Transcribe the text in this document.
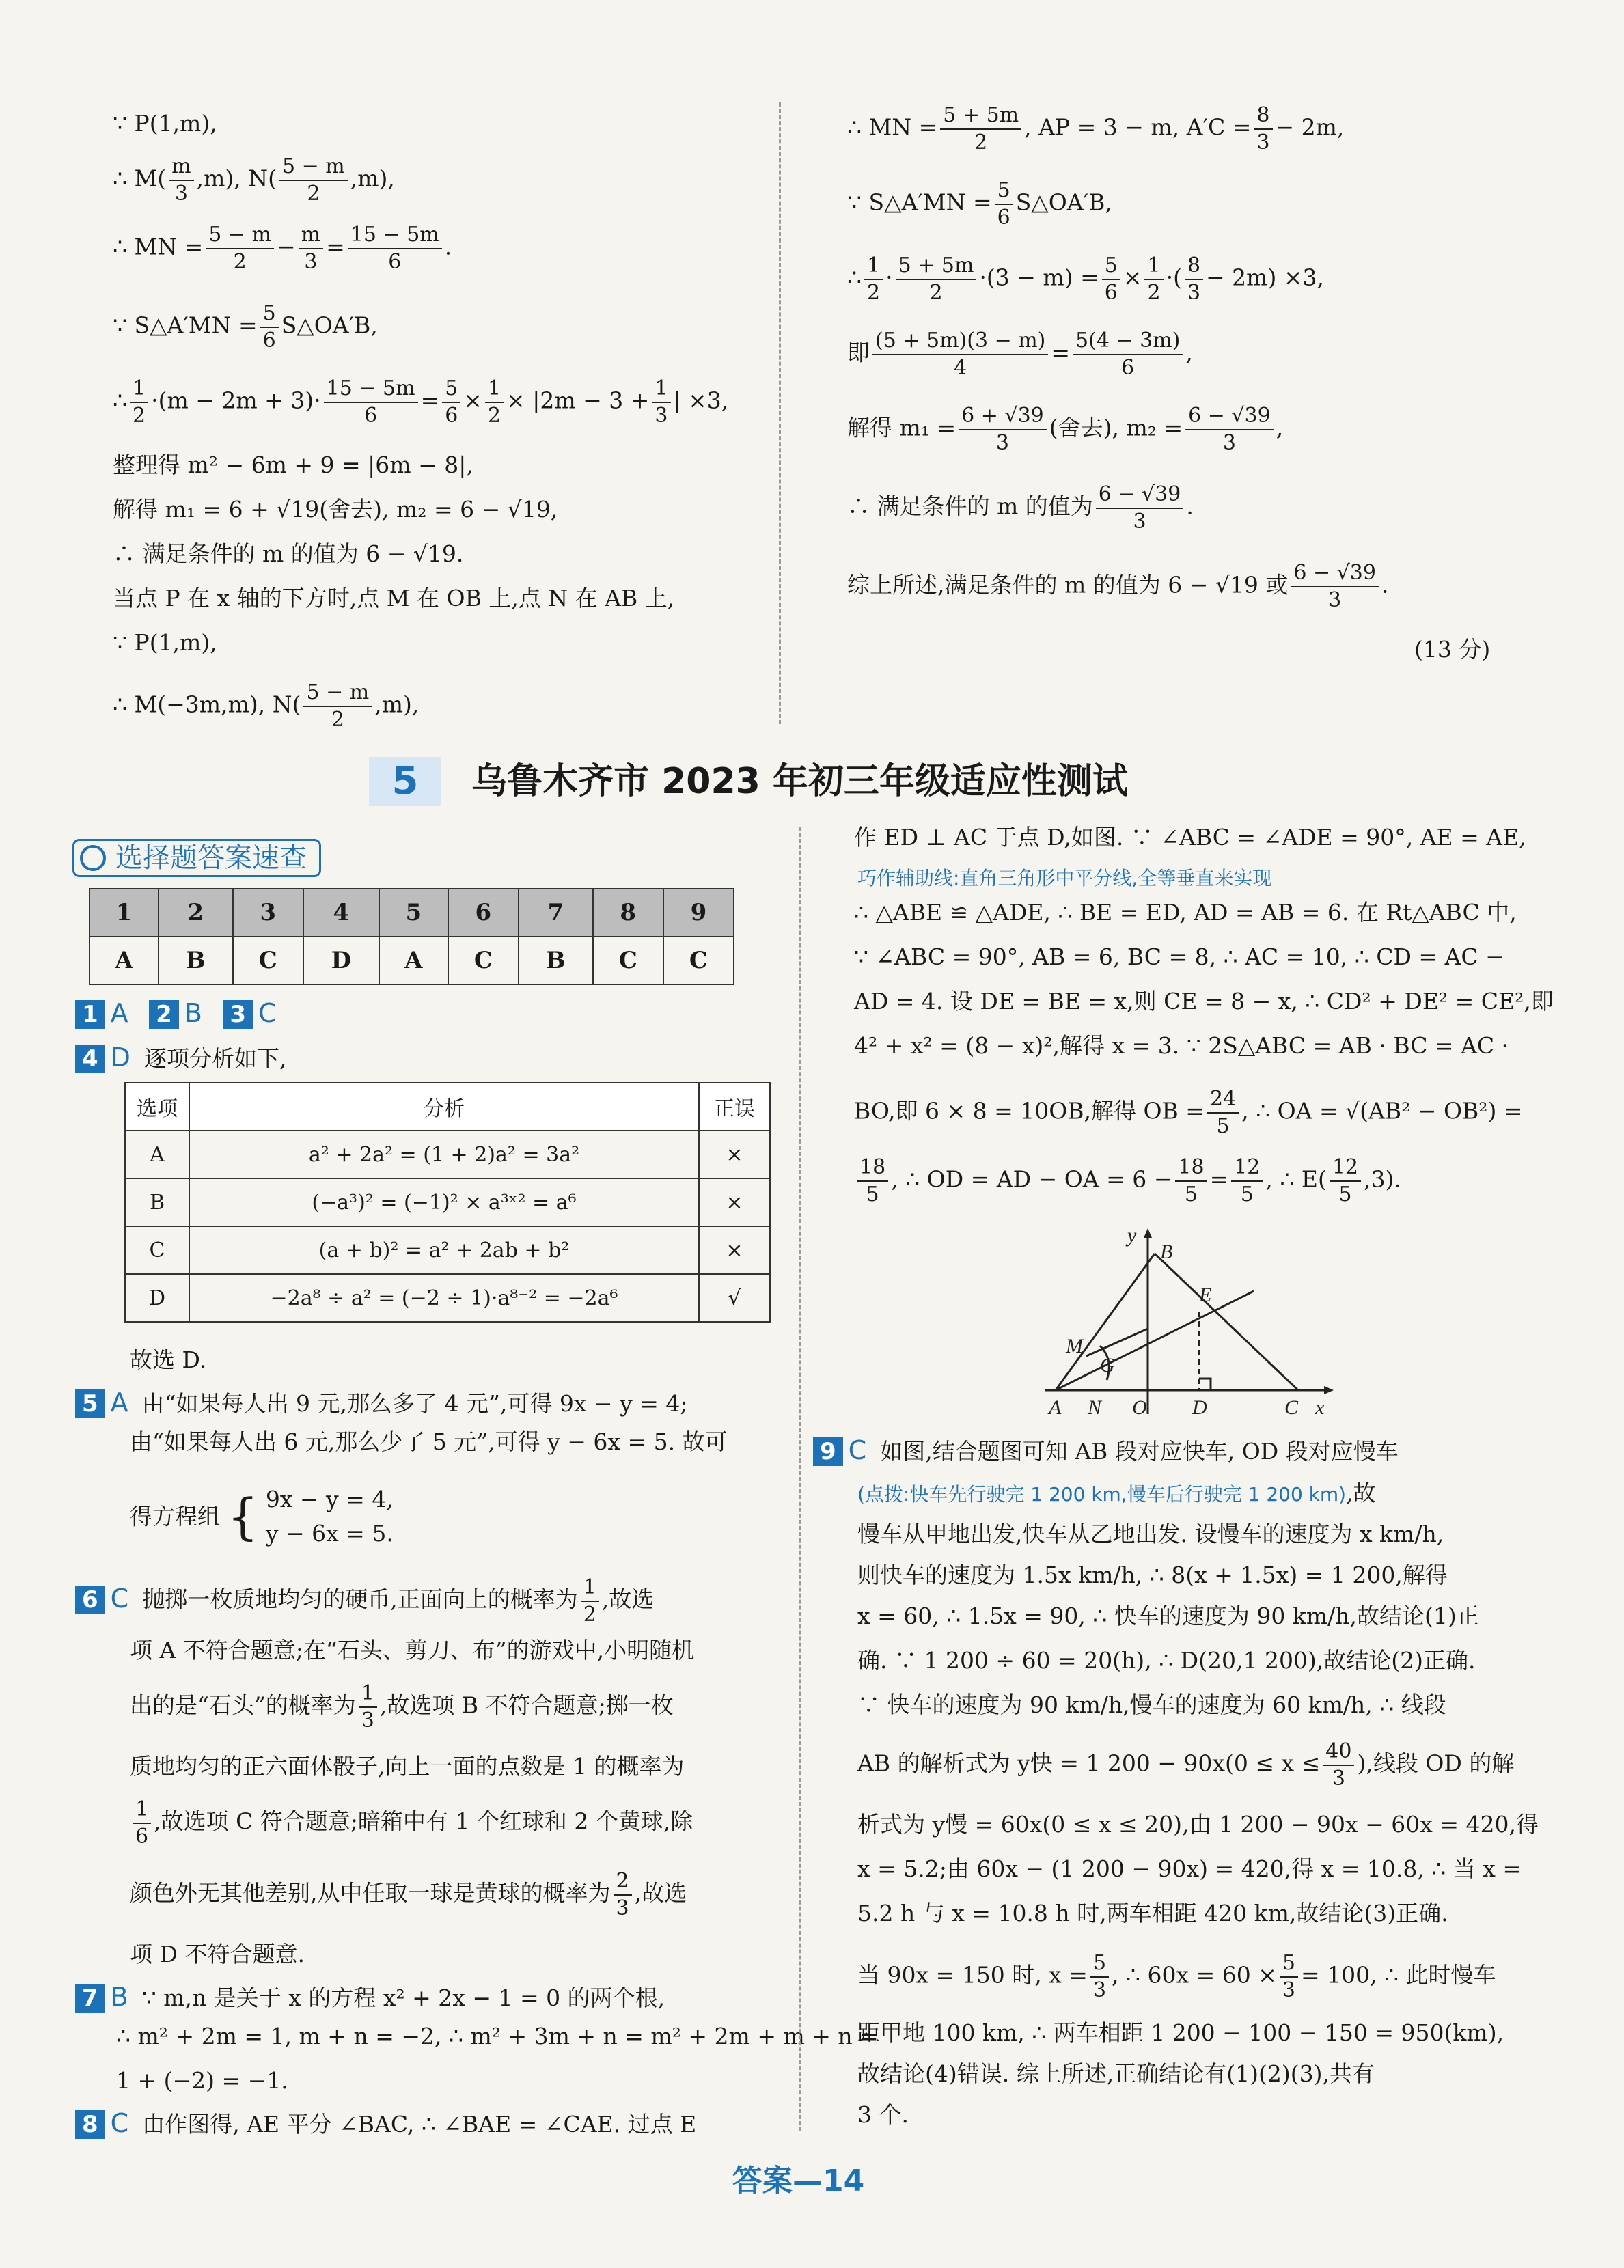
∵ P(1,m),
∴ $M( \frac{m}{3} ,m)$, $N( \frac{5 - m}{2} ,m)$,
∴ MN = $\frac{5 - m}{2} - \frac{m}{3} = \frac{15 - 5m}{6}$ .
∵ S△A′MN = $\frac{5}{6}$ S△OA′B,
∴ $\frac{1}{2} \cdot(m - 2m + 3)\cdot \frac{15 - 5m}{6} = \frac{5}{6} \times \frac{1}{2} \times |2m - 3 + \frac{1}{3}$ | ×3,
整理得 m² − 6m + 9 = |6m − 8|,
解得 m₁ = 6 + √19(舍去), m₂ = 6 − √19,
∴ 满足条件的 m 的值为 6 − √19.
当点 P 在 x 轴的下方时,点 M 在 OB 上,点 N 在 AB 上,
∵ P(1,m),
∴ M(−3m,m), $N( \frac{5 - m}{2} ,m)$,
∴ MN = $\frac{5 + 5m}{2}$ , AP = 3 − m, $A'C = \frac{8}{3} - 2m$,
∵ S△A′MN = $\frac{5}{6}$ S△OA′B,
∴ $\frac{1}{2} \cdot \frac{5 + 5m}{2} \cdot(3 - m) = \frac{5}{6} \times \frac{1}{2}$ ·( $\frac{8}{3} - 2m) \times 3$,
即 $\frac{(5 + 5m)(3 - m)}{4} = \frac{5(4 - 3m)}{6}$ ,
解得 $m_1 = \frac{6 + √39}{3}$ (舍去), $m_2 = \frac{6 - √39}{3}$ ,
∴ 满足条件的 m 的值为 $\frac{6 - √39}{3}$ .
综上所述,满足条件的 m 的值为 6 − √19 或 $\frac{6 - √39}{3}$ .
(13 分)
5	乌鲁木齐市 2023 年初三年级适应性测试
选择题答案速查
1	2	3	4	5	6	7	8	9
A	B	C	D	A	C	B	C	C
1 A 2 B 3 C
4 D 逐项分析如下,
选项	分析	正误
A	a² + 2a² = (1 + 2)a² = 3a²	×
B	(−a³)² = (−1)² × a³ˣ² = a⁶	×
C	(a + b)² = a² + 2ab + b²	×
D	−2a⁸ ÷ a² = (−2 ÷ 1)·a⁸⁻² = −2a⁶	√
故选 D.
5 A 由“如果每人出 9 元,那么多了 4 元”,可得 9x − y = 4;
由“如果每人出 6 元,那么少了 5 元”,可得 y − 6x = 5. 故可
得方程组 { 9x − y = 4,
y − 6x = 5.
6 C 抛掷一枚质地均匀的硬币,正面向上的概率为 $\frac{1}{2}$ ,故选
项 A 不符合题意;在“石头、剪刀、布”的游戏中,小明随机
出的是“石头”的概率为 $\frac{1}{3}$ ,故选项 B 不符合题意;掷一枚
质地均匀的正六面体骰子,向上一面的点数是 1 的概率为
$\frac{1}{6}$ ,故选项 C 符合题意;暗箱中有 1 个红球和 2 个黄球,除
颜色外无其他差别,从中任取一球是黄球的概率为 $\frac{2}{3}$ ,故选
项 D 不符合题意.
7 B ∵ m,n 是关于 x 的方程 x² + 2x − 1 = 0 的两个根,
∴ m² + 2m = 1, m + n = −2, ∴ m² + 3m + n = m² + 2m + m + n =
1 + (−2) = −1.
8 C 由作图得, AE 平分 ∠BAC, ∴ ∠BAE = ∠CAE. 过点 E
作 ED ⊥ AC 于点 D,如图. ∵ ∠ABC = ∠ADE = 90°, AE = AE,
巧作辅助线:直角三角形中平分线,全等垂直来实现
∴ △ABE ≌ △ADE, ∴ BE = ED, AD = AB = 6. 在 Rt△ABC 中,
∵ ∠ABC = 90°, AB = 6, BC = 8, ∴ AC = 10, ∴ CD = AC −
AD = 4. 设 DE = BE = x,则 CE = 8 − x, ∴ CD² + DE² = CE²,即
4² + x² = (8 − x)²,解得 x = 3. ∵ 2S△ABC = AB · BC = AC ·
BO,即 6 × 8 = 10OB,解得 OB = $\frac{24}{5}$ , ∴ OA = √(AB² − OB²) =
$\frac{18}{5}$ , ∴ OD = AD − OA = $6 - \frac{18}{5} = \frac{12}{5}$ , ∴ $E( \frac{12}{5} ,3)$.
y
B
E
M
G
A N O D	C x
9 C 如图,结合题图可知 AB 段对应快车, OD 段对应慢车
(点拨:快车先行驶完 1 200 km,慢车后行驶完 1 200 km),故
慢车从甲地出发,快车从乙地出发. 设慢车的速度为 x km/h,
则快车的速度为 1.5x km/h, ∴ 8(x + 1.5x) = 1 200,解得
x = 60, ∴ 1.5x = 90, ∴ 快车的速度为 90 km/h,故结论(1)正
确. ∵ 1 200 ÷ 60 = 20(h), ∴ D(20,1 200),故结论(2)正确.
∵ 快车的速度为 90 km/h,慢车的速度为 60 km/h, ∴ 线段
AB 的解析式为 y快 = 1 $200 - 90x(0 \le x \le \frac{40}{3}$ ),线段 OD 的解
析式为 y慢 = 60x(0 ≤ x ≤ 20),由 1 200 − 90x − 60x = 420,得
x = 5.2;由 60x − (1 200 − 90x) = 420,得 x = 10.8, ∴ 当 x =
5.2 h 与 x = 10.8 h 时,两车相距 420 km,故结论(3)正确.
当 90x = 150 时, $x = \frac{5}{3}$ , ∴ $60x = 60 \times \frac{5}{3} = 100$, ∴ 此时慢车
距甲地 100 km, ∴ 两车相距 1 200 − 100 − 150 = 950(km),
故结论(4)错误. 综上所述,正确结论有(1)(2)(3),共有
3 个.
答案—14
